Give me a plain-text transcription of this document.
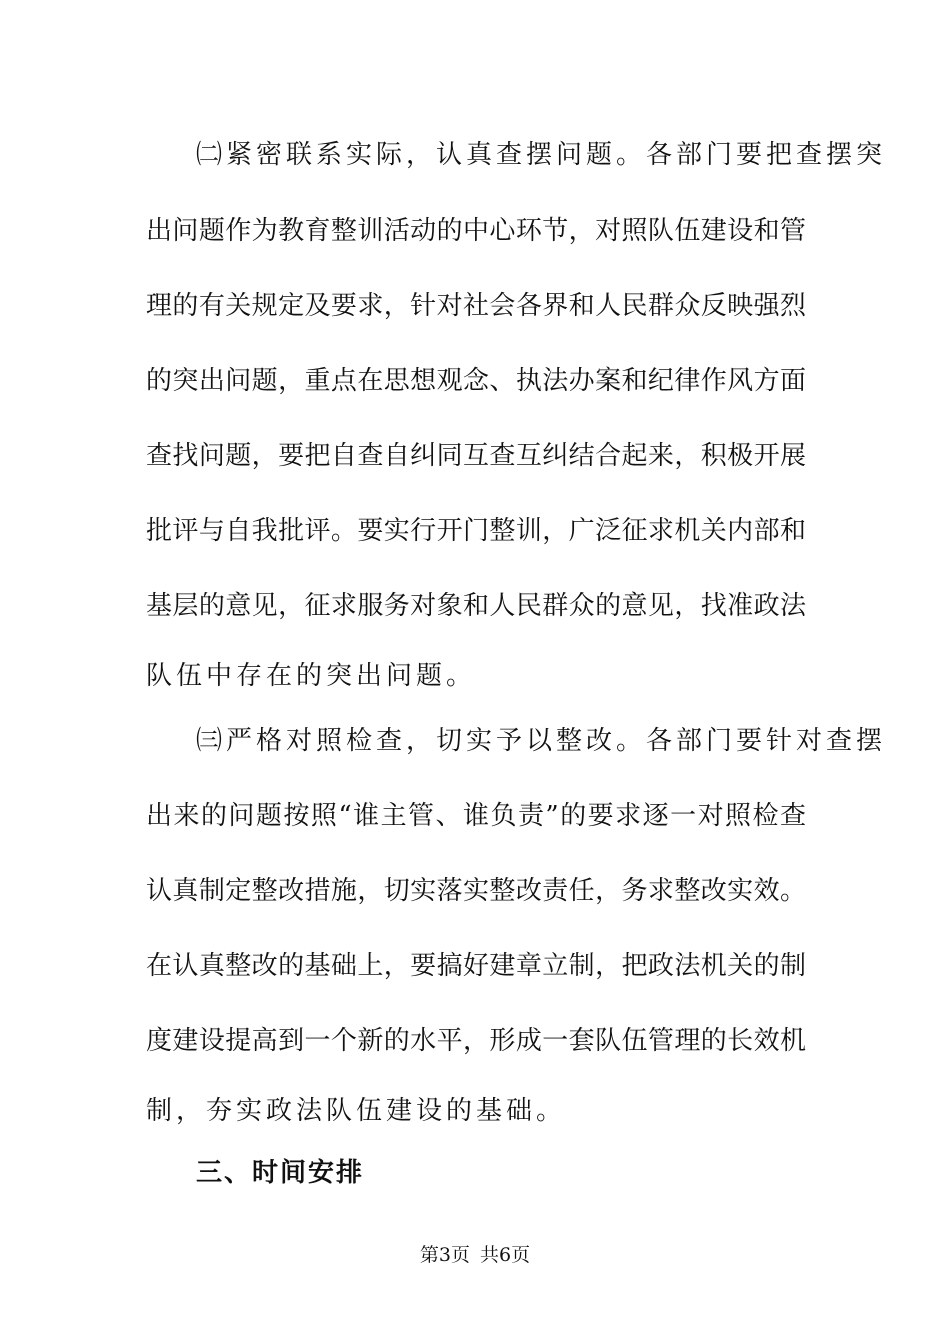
㈡紧密联系实际，认真查摆问题。各部门要把查摆突
出问题作为教育整训活动的中心环节，对照队伍建设和管
理的有关规定及要求，针对社会各界和人民群众反映强烈
的突出问题，重点在思想观念、执法办案和纪律作风方面
查找问题，要把自查自纠同互查互纠结合起来，积极开展
批评与自我批评。要实行开门整训，广泛征求机关内部和
基层的意见，征求服务对象和人民群众的意见，找准政法
队伍中存在的突出问题。
㈢严格对照检查，切实予以整改。各部门要针对查摆
出来的问题按照“谁主管、谁负责”的要求逐一对照检查
认真制定整改措施，切实落实整改责任，务求整改实效。
在认真整改的基础上，要搞好建章立制，把政法机关的制
度建设提高到一个新的水平，形成一套队伍管理的长效机
制，夯实政法队伍建设的基础。
三、时间安排
第3页 共6页
